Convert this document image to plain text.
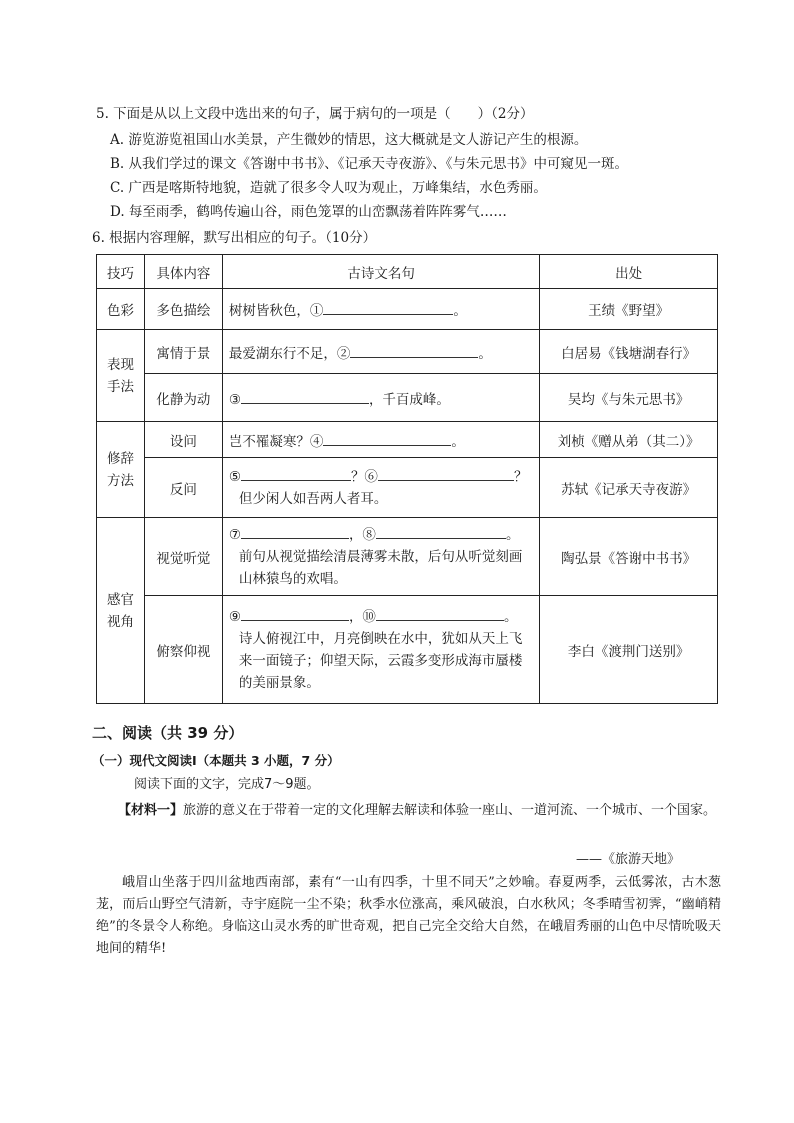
5. 下面是从以上文段中选出来的句子，属于病句的一项是（　　）（2分）
A. 游览游览祖国山水美景，产生微妙的情思，这大概就是文人游记产生的根源。
B. 从我们学过的课文《答谢中书书》、《记承天寺夜游》、《与朱元思书》中可窥见一斑。
C. 广西是喀斯特地貌，造就了很多令人叹为观止，万峰集结，水色秀丽。
D. 每至雨季，鹤鸣传遍山谷，雨色笼罩的山峦飘荡着阵阵雾气……
6. 根据内容理解，默写出相应的句子。（10分）
技巧	具体内容	古诗文名句	出处
色彩	多色描绘	树树皆秋色，① 。	王绩《野望》
表现手法	寓情于景	最爱湖东行不足，② 。	白居易《钱塘湖春行》
	化静为动	③ ，千百成峰。	吴均《与朱元思书》
修辞方法	设问	岂不罹凝寒？④ 。	刘桢《赠从弟（其二）》
	反问	⑤ ？⑥ ？
但少闲人如吾两人者耳。	苏轼《记承天寺夜游》
感官视角	视觉听觉	⑦ ，⑧ 。
前句从视觉描绘清晨薄雾未散，后句从听觉刻画山林猿鸟的欢唱。	陶弘景《答谢中书书》
	俯察仰视	⑨ ，⑩ 。
诗人俯视江中，月亮倒映在水中，犹如从天上飞来一面镜子；仰望天际，云霞多变形成海市蜃楼的美丽景象。	李白《渡荆门送别》
二、阅读（共 39 分）
（一）现代文阅读Ⅰ（本题共 3 小题，7 分）
阅读下面的文字，完成7～9题。
【材料一】旅游的意义在于带着一定的文化理解去解读和体验一座山、一道河流、一个城市、一个国家。
——《旅游天地》
峨眉山坐落于四川盆地西南部，素有“一山有四季，十里不同天”之妙喻。春夏两季，云低雾浓，古木葱茏，而后山野空气清新，寺宇庭院一尘不染；秋季水位涨高，乘风破浪，白水秋风；冬季晴雪初霁，“幽峭精绝”的冬景令人称绝。身临这山灵水秀的旷世奇观，把自己完全交给大自然，在峨眉秀丽的山色中尽情吮吸天地间的精华!
